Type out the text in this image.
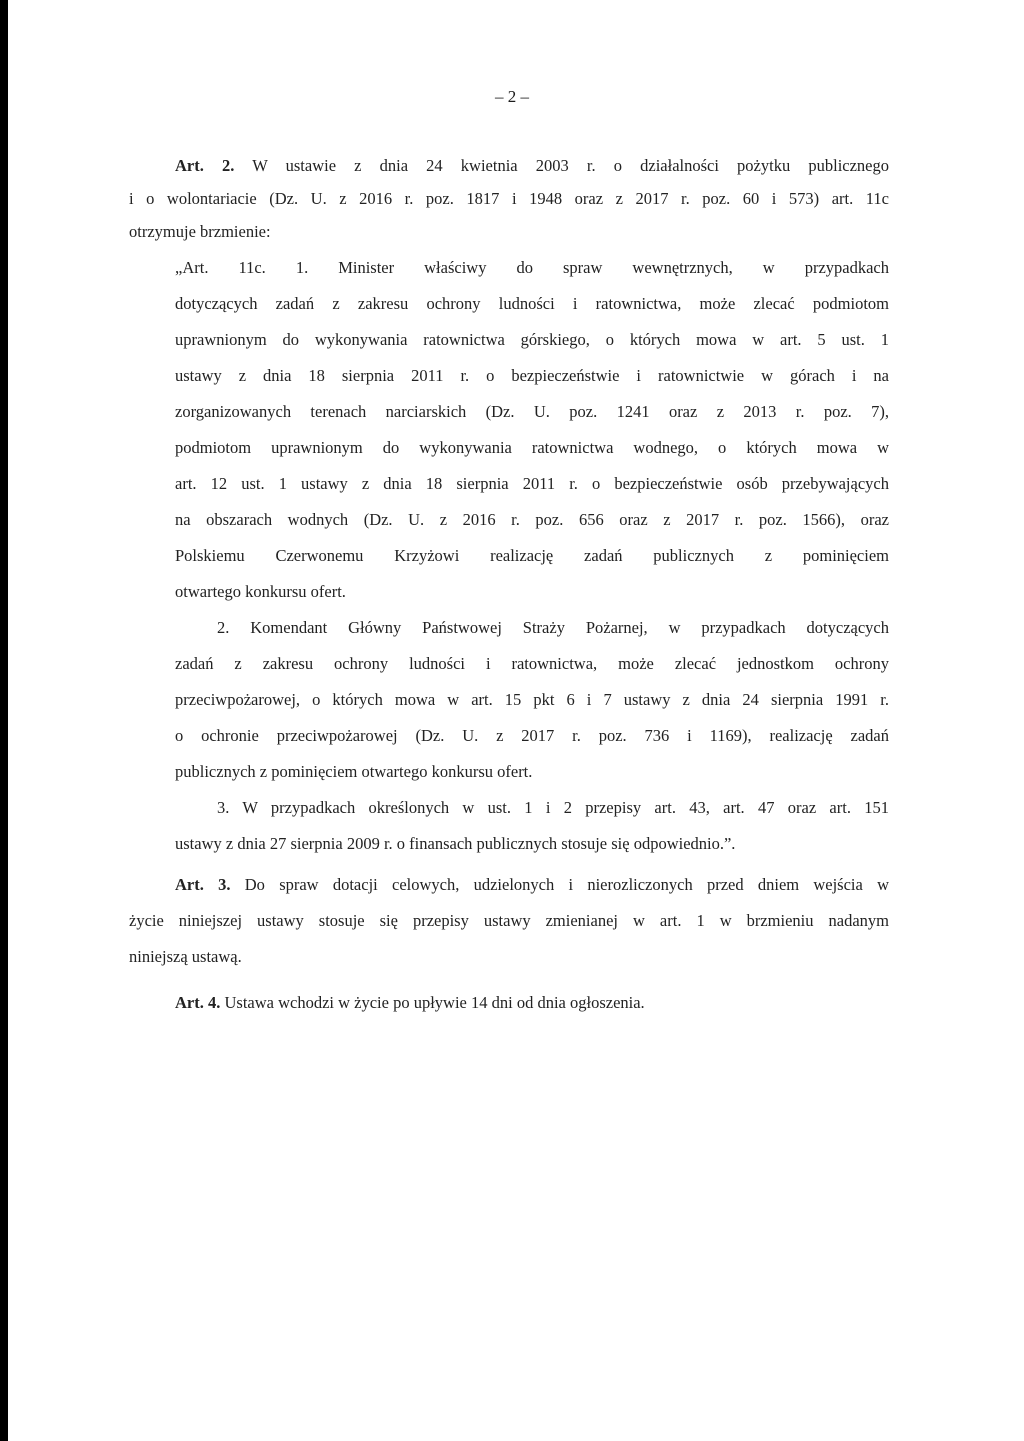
– 2 –
Art. 2. W ustawie z dnia 24 kwietnia 2003 r. o działalności pożytku publicznego
i o wolontariacie (Dz. U. z 2016 r. poz. 1817 i 1948 oraz z 2017 r. poz. 60 i 573) art. 11c
otrzymuje brzmienie:
„Art. 11c. 1. Minister właściwy do spraw wewnętrznych, w przypadkach
dotyczących zadań z zakresu ochrony ludności i ratownictwa, może zlecać podmiotom
uprawnionym do wykonywania ratownictwa górskiego, o których mowa w art. 5 ust. 1
ustawy z dnia 18 sierpnia 2011 r. o bezpieczeństwie i ratownictwie w górach i na
zorganizowanych terenach narciarskich (Dz. U. poz. 1241 oraz z 2013 r. poz. 7),
podmiotom uprawnionym do wykonywania ratownictwa wodnego, o których mowa w
art. 12 ust. 1 ustawy z dnia 18 sierpnia 2011 r. o bezpieczeństwie osób przebywających
na obszarach wodnych (Dz. U. z 2016 r. poz. 656 oraz z 2017 r. poz. 1566), oraz
Polskiemu Czerwonemu Krzyżowi realizację zadań publicznych z pominięciem
otwartego konkursu ofert.
2. Komendant Główny Państwowej Straży Pożarnej, w przypadkach dotyczących
zadań z zakresu ochrony ludności i ratownictwa, może zlecać jednostkom ochrony
przeciwpożarowej, o których mowa w art. 15 pkt 6 i 7 ustawy z dnia 24 sierpnia 1991 r.
o ochronie przeciwpożarowej (Dz. U. z 2017 r. poz. 736 i 1169), realizację zadań
publicznych z pominięciem otwartego konkursu ofert.
3. W przypadkach określonych w ust. 1 i 2 przepisy art. 43, art. 47 oraz art. 151
ustawy z dnia 27 sierpnia 2009 r. o finansach publicznych stosuje się odpowiednio.”.
Art. 3. Do spraw dotacji celowych, udzielonych i nierozliczonych przed dniem wejścia w
życie niniejszej ustawy stosuje się przepisy ustawy zmienianej w art. 1 w brzmieniu nadanym
niniejszą ustawą.
Art. 4. Ustawa wchodzi w życie po upływie 14 dni od dnia ogłoszenia.
